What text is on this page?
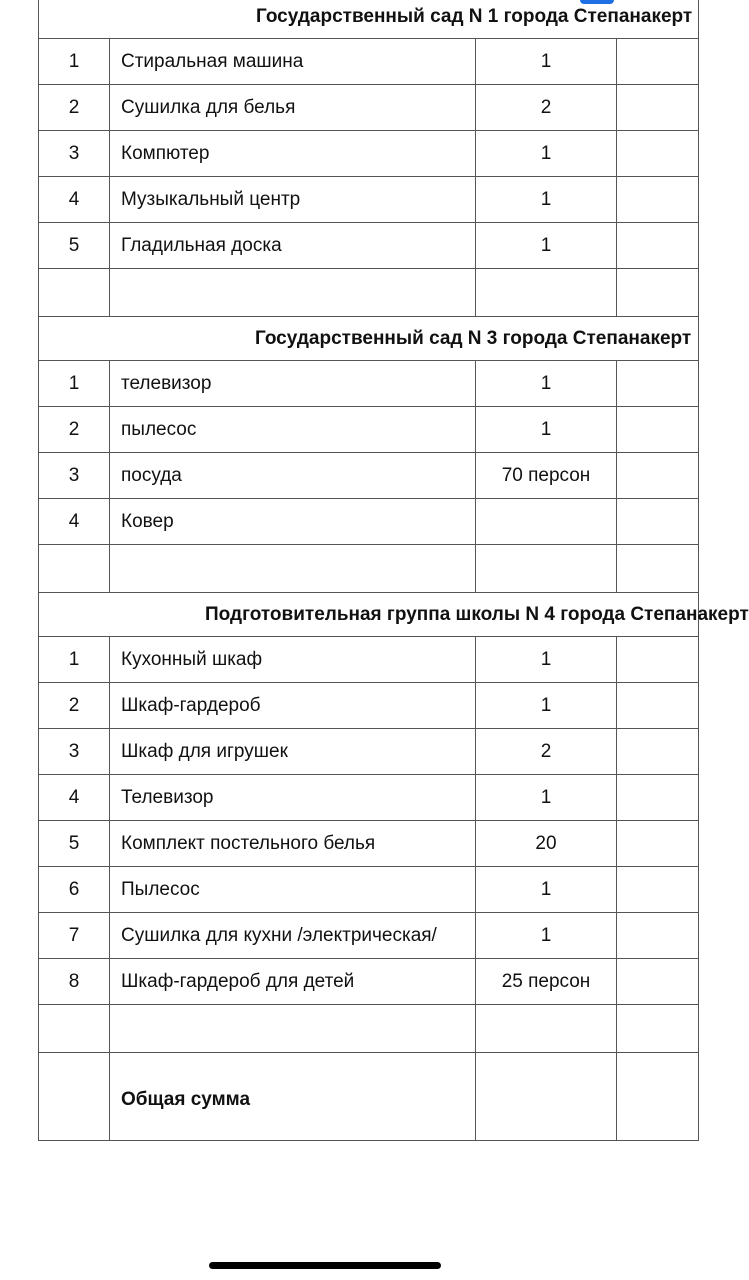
Государственный сад N 1 города Степанакерт			
1	Стиральная машина	1	
2	Сушилка для белья	2	
3	Компютер	1	
4	Музыкальный центр	1	
5	Гладильная доска	1	

Государственный сад N 3 города Степанакерт			
1	телевизор	1	
2	пылесос	1	
3	посуда	70 персон	
4	Ковер		

Подготовительная группа школы N 4 города Степанакерт			
1	Кухонный шкаф	1	
2	Шкаф-гардероб	1	
3	Шкаф для игрушек	2	
4	Телевизор	1	
5	Комплект постельного белья	20	
6	Пылесос	1	
7	Сушилка для кухни /электрическая/	1	
8	Шкаф-гардероб для детей	25 персон	

	Общая сумма		
